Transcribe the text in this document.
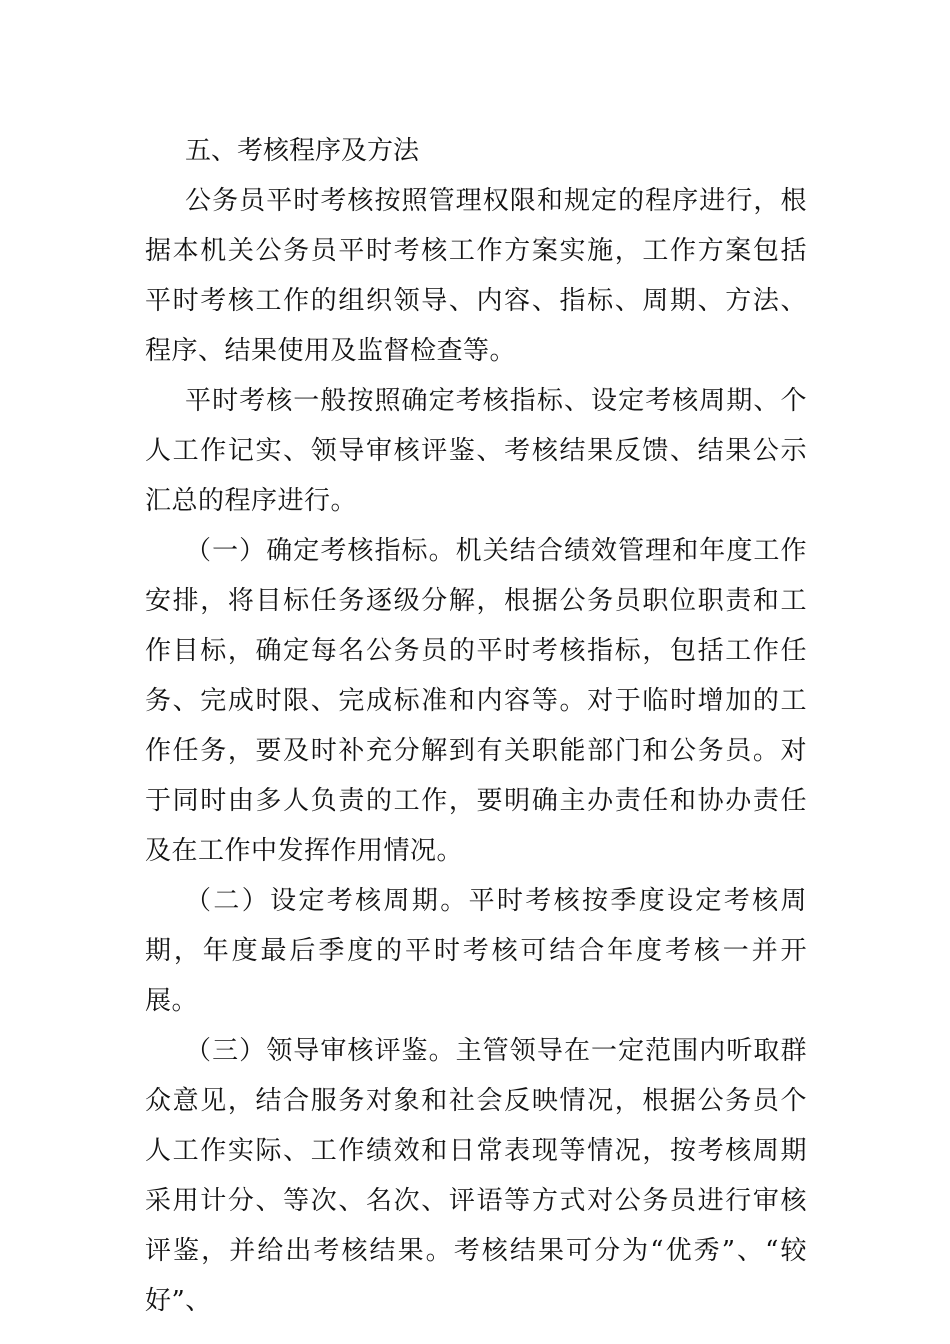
五、考核程序及方法

公务员平时考核按照管理权限和规定的程序进行，根据本机关公务员平时考核工作方案实施，工作方案包括平时考核工作的组织领导、内容、指标、周期、方法、程序、结果使用及监督检查等。

平时考核一般按照确定考核指标、设定考核周期、个人工作记实、领导审核评鉴、考核结果反馈、结果公示汇总的程序进行。

（一）确定考核指标。机关结合绩效管理和年度工作安排，将目标任务逐级分解，根据公务员职位职责和工作目标，确定每名公务员的平时考核指标，包括工作任务、完成时限、完成标准和内容等。对于临时增加的工作任务，要及时补充分解到有关职能部门和公务员。对于同时由多人负责的工作，要明确主办责任和协办责任及在工作中发挥作用情况。

（二）设定考核周期。平时考核按季度设定考核周期，年度最后季度的平时考核可结合年度考核一并开展。

（三）领导审核评鉴。主管领导在一定范围内听取群众意见，结合服务对象和社会反映情况，根据公务员个人工作实际、工作绩效和日常表现等情况，按考核周期采用计分、等次、名次、评语等方式对公务员进行审核评鉴，并给出考核结果。考核结果可分为“优秀”、“较好”、
